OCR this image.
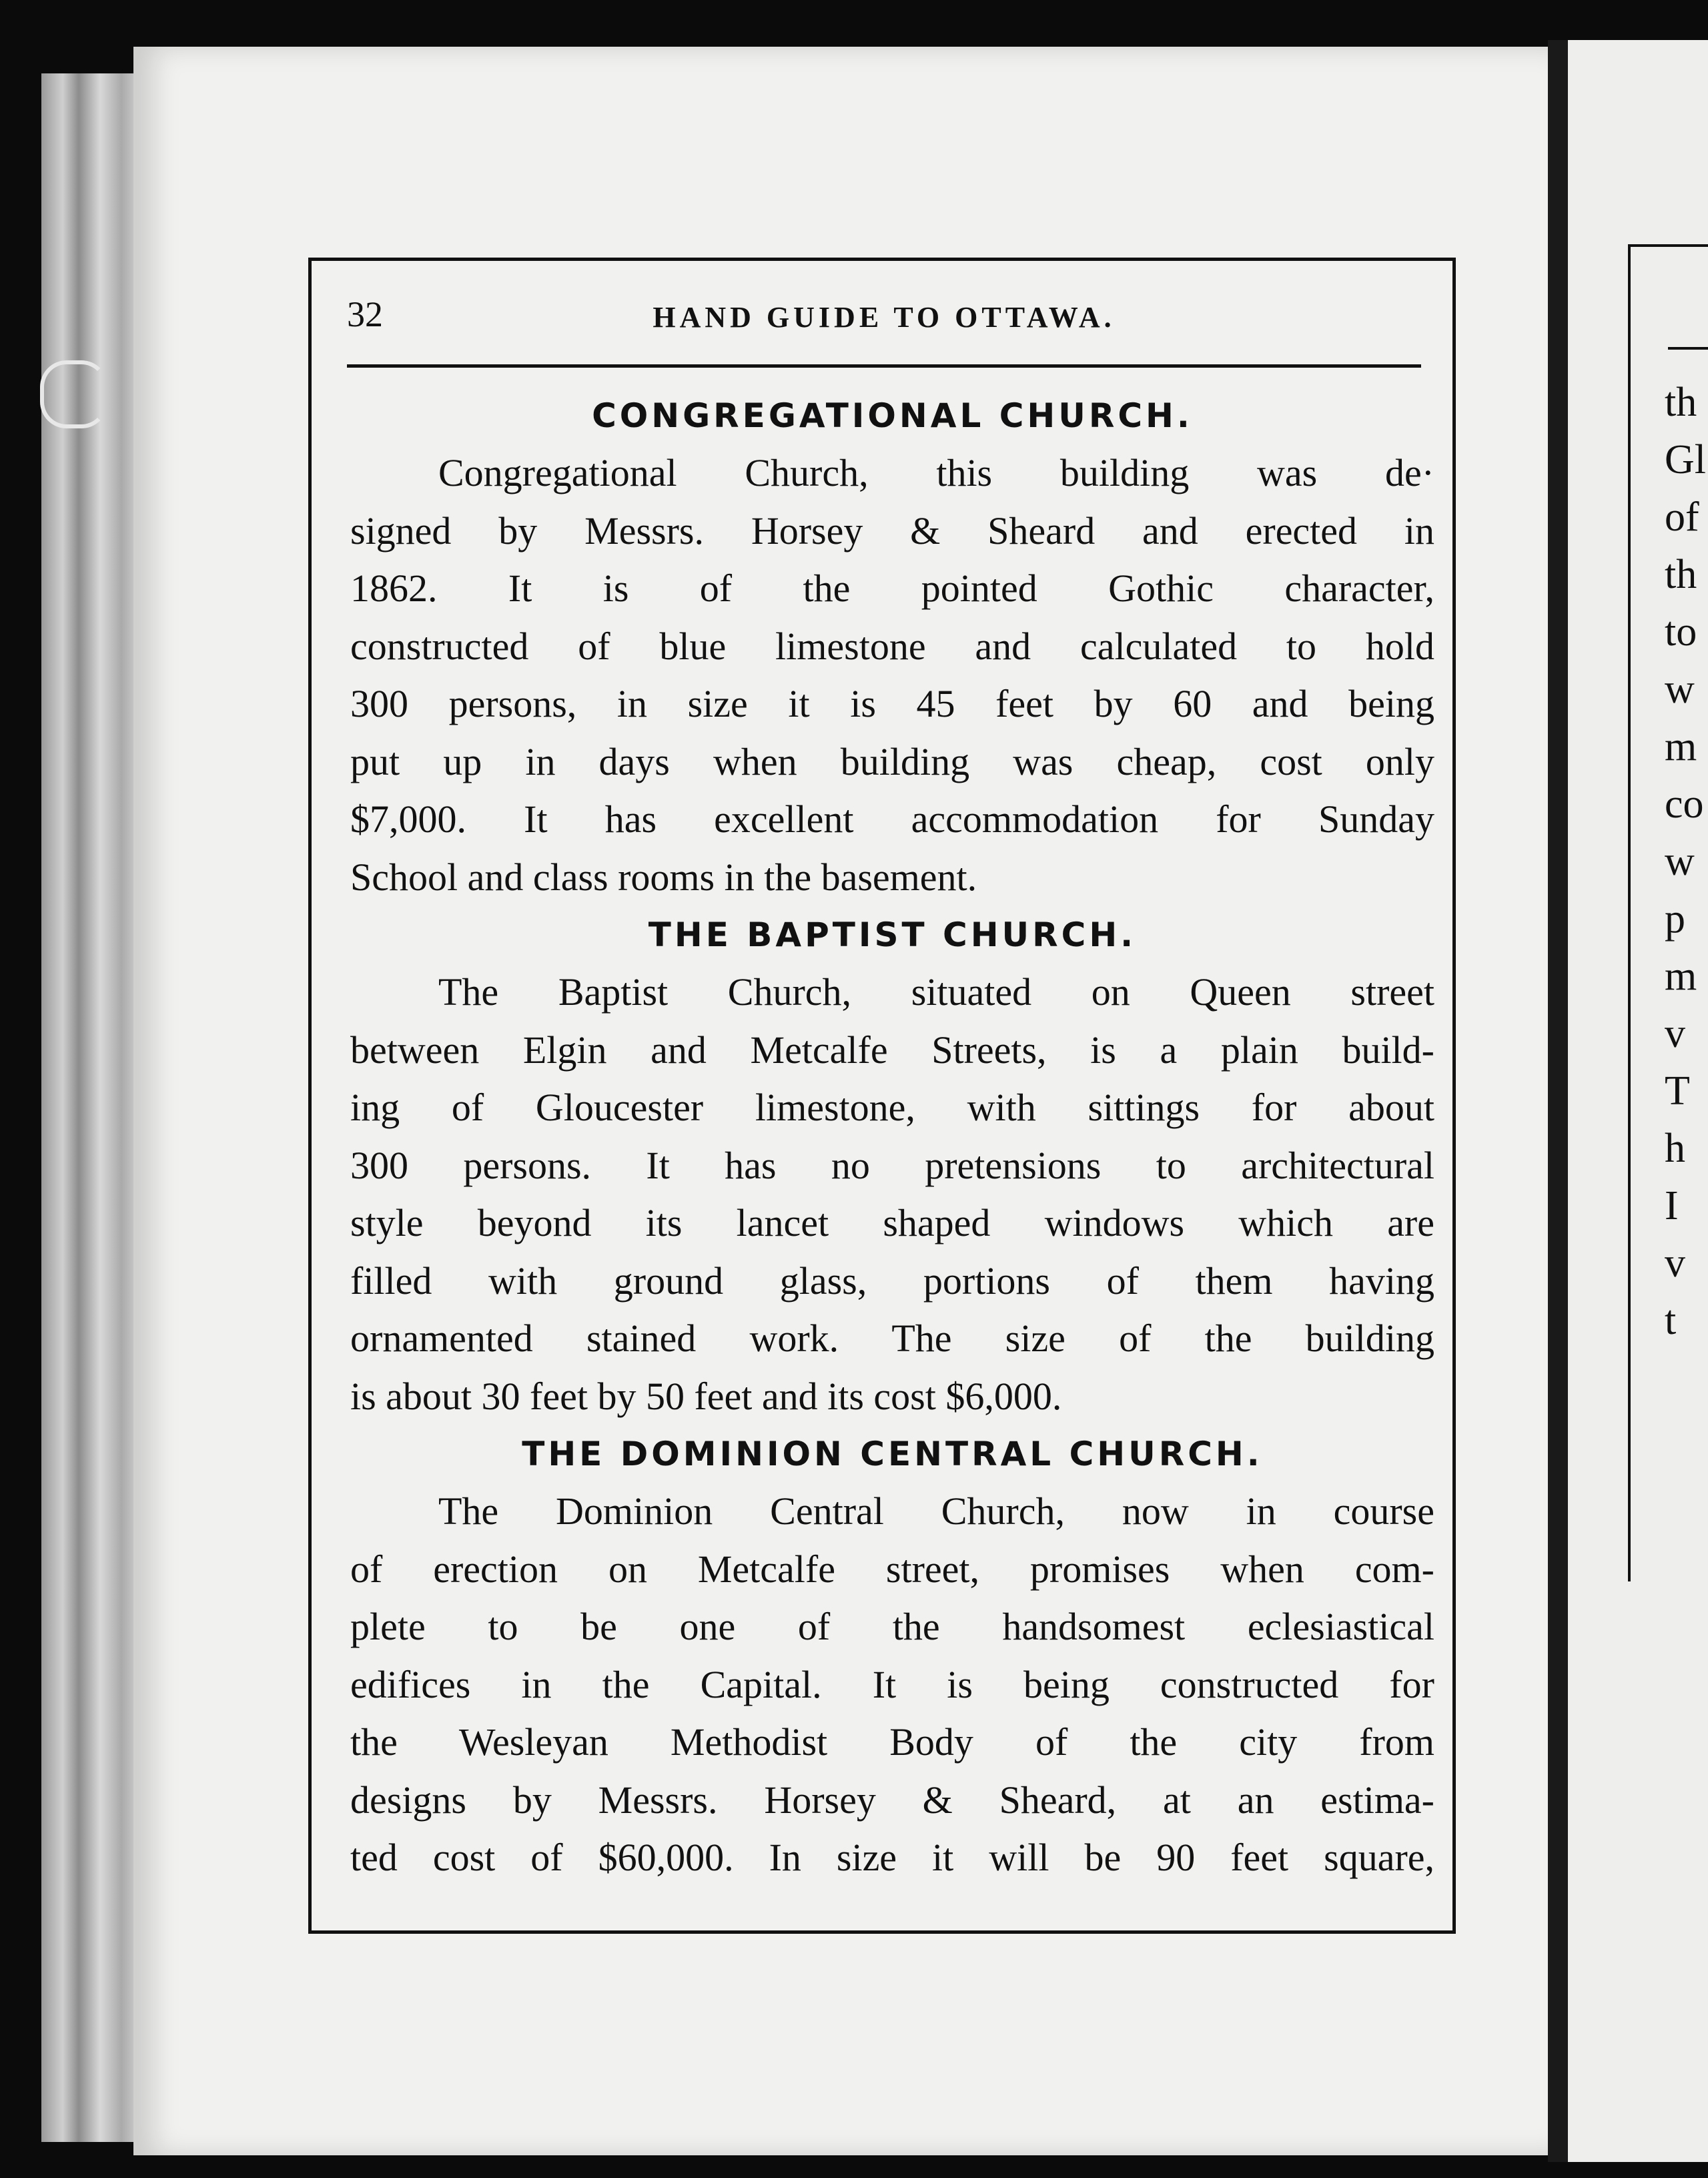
th
Gl
of
th
to
w
m
co
w
p
m
v
T
h
I
v
t
32	HAND GUIDE TO OTTAWA.
CONGREGATIONAL CHURCH.
Congregational Church, this building was de·
signed by Messrs. Horsey & Sheard and erected in
1862. It is of the pointed Gothic character,
constructed of blue limestone and calculated to hold
300 persons, in size it is 45 feet by 60 and being
put up in days when building was cheap, cost only
$7,000. It has excellent accommodation for Sunday
School and class rooms in the basement.
THE BAPTIST CHURCH.
The Baptist Church, situated on Queen street
between Elgin and Metcalfe Streets, is a plain build-
ing of Gloucester limestone, with sittings for about
300 persons. It has no pretensions to architectural
style beyond its lancet shaped windows which are
filled with ground glass, portions of them having
ornamented stained work. The size of the building
is about 30 feet by 50 feet and its cost $6,000.
THE DOMINION CENTRAL CHURCH.
The Dominion Central Church, now in course
of erection on Metcalfe street, promises when com-
plete to be one of the handsomest eclesiastical
edifices in the Capital. It is being constructed for
the Wesleyan Methodist Body of the city from
designs by Messrs. Horsey & Sheard, at an estima-
ted cost of $60,000. In size it will be 90 feet square,
